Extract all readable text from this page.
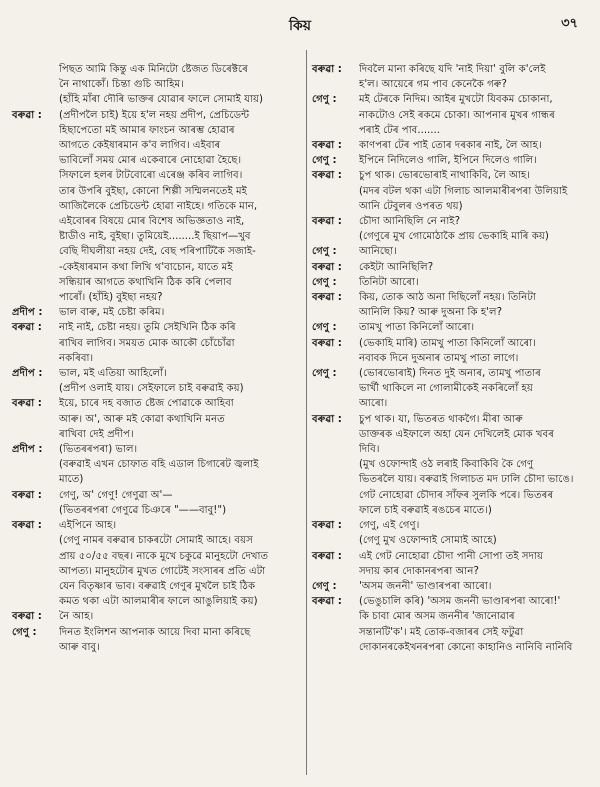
কিয়	৩৭
পিছত আমি কিন্তু এক মিনিটো ষ্টেজত ডিৰেক্টৰে
নৈ নাথাকোঁ। চিন্তা গুচি আহিম।
(হাঁহি মাঁৰা দৌৰি ভাক্তৰ যোৱাৰ ফালে সোমাই যায়)
বৰুৱা :	(প্ৰদীপলৈ চাই) ইয়ে হ'ল নহয় প্ৰদীপ, প্ৰেচিডেন্ট
হিছাপেতো মই আমাৰ ফাংচন আৰম্ভ হোৱাৰ
আগতে কেইষাৰমান ক'ব লাগিব। এইবাৰ
ভাবিলোঁ সময় মোৰ একেবাৰে নোহোৱা হৈছে।
সিফালে হলৰ টাটবোৰো এৰেঞ্জ কৰিব লাগিব।
তাৰ উপৰি বুইছা, কোনো শিল্পী সম্মিলনতেই মই
আজিলৈকে প্ৰেচিডেন্ট হোৱা নাইহে। গতিকে মান,
এইবোৰৰ বিষয়ে মোৰ বিশেষ অভিজ্ঞতাও নাই,
ষ্টাডীও নাই, বুইছা। তুমিয়েই........ই ছিয়াপ—খুব
বেছি দীঘলীয়া নহয় দেই, বেছ পৰিপাটিকৈ সজাই-
-কেইষাৰমান কথা লিখি থ'বাচোন, যাতে মই
সন্ধিয়াৰ আগতে কথাখিনি ঠিক কৰি পেলাব
পাৰোঁ। (হাঁহি) বুইছা নহয়?
প্ৰদীপ :	ভাল বাৰু, মই চেষ্টা কৰিম।
বৰুৱা :	নাই নাই, চেষ্টা নহয়। তুমি সেইখিনি ঠিক কৰি
ৰাখিব লাগিব। সময়ত মোক আকৌ চোঁচোঁৱা
নকৰিবা।
প্ৰদীপ :	ভাল, মই এতিয়া আহিলোঁ।
(প্ৰদীপ ওলাই যায়। সেইফালে চাই বৰুৱাই কয়)
বৰুৱা :	ইয়ে, চাৰে দহ বজাত ষ্টেজ পোৱাকে আহিবা
আৰু। অ', আৰু মই কোৱা কথাখিনি মনত
ৰাখিবা দেই প্ৰদীপ।
প্ৰদীপ :	(ভিতৰৰপৰা) ভাল।
(বৰুৱাই এখন চোফাত বহি এডাল চিগাৰেট জ্বলাই
মাতে)
বৰুৱা :	গেণু, অ' গেণু! গেণুৱা অ'—
(ভিতৰৰপৰা গেণুৱে চিঞৰে "——বাবু!")
বৰুৱা :	এইপিনে আহ।
(গেণু নামৰ বৰুৱাৰ চাকৰটো সোমাই আহে। বয়স
প্ৰায় ৫০/৫৫ বছৰ। নাকে মুখে চকুৱে মানুহটো দেখাত
আপত্য। মানুহটোৰ মুখত গোটেই সংসাৰৰ প্ৰতি এটা
যেন বিতৃষ্ণাৰ ভাব। বৰুৱাই গেণুৰ মুখলৈ চাই ঠিক
কমত থকা এটা আলমাৰীৰ ফালে আঙুলিয়াই কয়)
বৰুৱা :	নৈ আহ।
গেণু :	দিনত ইংলিশন আপনাক আয়ে দিবা মানা কৰিছে
আৰু বাবু।
বৰুৱা :	দিবলৈ মানা কৰিছে যদি 'নাই দিয়া' বুলি ক'লেই
হ'ল। আয়েৰে গম পাব কেনেকৈ গৰু?
গেণু :	মই টেৰকে নিদিম। আইৰ মুখটো যিবকম চোকানা,
নাকটোও সেই ৰকমে চোকা। আপনাৰ মুখৰ গান্ধৰ
পৰাই টেৰ পাব.......
বৰুৱা :	কাণপৰা টেৰ পাই তোৰ দৰকাৰ নাই, লৈ আহ।
গেণু :	ইপিনে নিদিলেও গালি, ইপিনে দিলেও গালি।
বৰুৱা :	চুপ থাক। ভোৰভোৰাই নাথাকিবি, লৈ আহ।
(মদৰ বটল থকা এটা গিলাচ আলমাৰীৰপৰা উলিয়াই
আনি টেবুলৰ ওপৰত থয়)
বৰুৱা :	চৌদা আনিছিলি নে নাই?
(গেণুৰে মুখ গোমোঠাকৈ প্ৰায় ভেকাহি মাৰি কয়)
গেণু :	আনিছো।
বৰুৱা :	কেইটা আনিছিলি?
গেণু :	তিনিটা আৰো।
বৰুৱা :	কিয়, তোক আঠ অনা দিছিলোঁ নহয়। তিনিটা
আনিলি কিয়? আৰু দুঅনা কি হ'ল?
গেণু :	তামখু পাতা কিনিলোঁ আৰো।
বৰুৱা :	(ভেকাহি মাৰি) তামখু পাতা কিনিলোঁ আৰো।
নবাবক দিনে দুঅনাৰ তামখু পাতা লাগে।
গেণু :	(ভোৰভোৰাই) দিনত দুই অনাৰ, তামখু পাতাৰ
ভাৰ্খী থাকিলে না গোলামীকেই নকৰিলোঁ হয়
আৰো।
বৰুৱা :	চুপ থাক। যা, ভিতৰত থাকগৈ। মীৰা আৰু
ডাক্তৰক এইফালে অহা যেন দেখিলেই মোক খবৰ
দিবি।
(মুখ ওফোন্দাই ওঠ লৰাই কিবাকিবি কৈ গেণু
ভিতৰলৈ যায়। বৰুৱাই গিলাচত মদ ঢালি চৌদা ভাঙে।
গেট নোহোৱা চৌদাৰ সাঁফৰ সুলকি পৰে। ভিতৰৰ
ফালে চাই বৰুৱাই ৰঙচেৰ মাতে।)
বৰুৱা :	গেণু, এই গেণু।
(গেণু মুখ ওফোন্দাই সোমাই আহে)
বৰুৱা :	এই গেট নোহোৱা চৌদা পানী সোপা তই সদায়
সদায় কাৰ দোকানৰপৰা আন?
গেণু :	'অসম জননী' ভাণ্ডাৰপৰা আৰো।
বৰুৱা :	(ভেঙুচালি কৰি) 'অসম জননী ভাণ্ডাৰপৰা আৰো!'
কি চাবা মোৰ অসম জননীৰ 'জানোৱাৰ
সন্তানটি'ক'। মই তোক-বজাৰৰ সেই ফটুৱা
দোকানৰকেইখনৰপৰা কোনো কাহানিও নানিবি নানিবি
